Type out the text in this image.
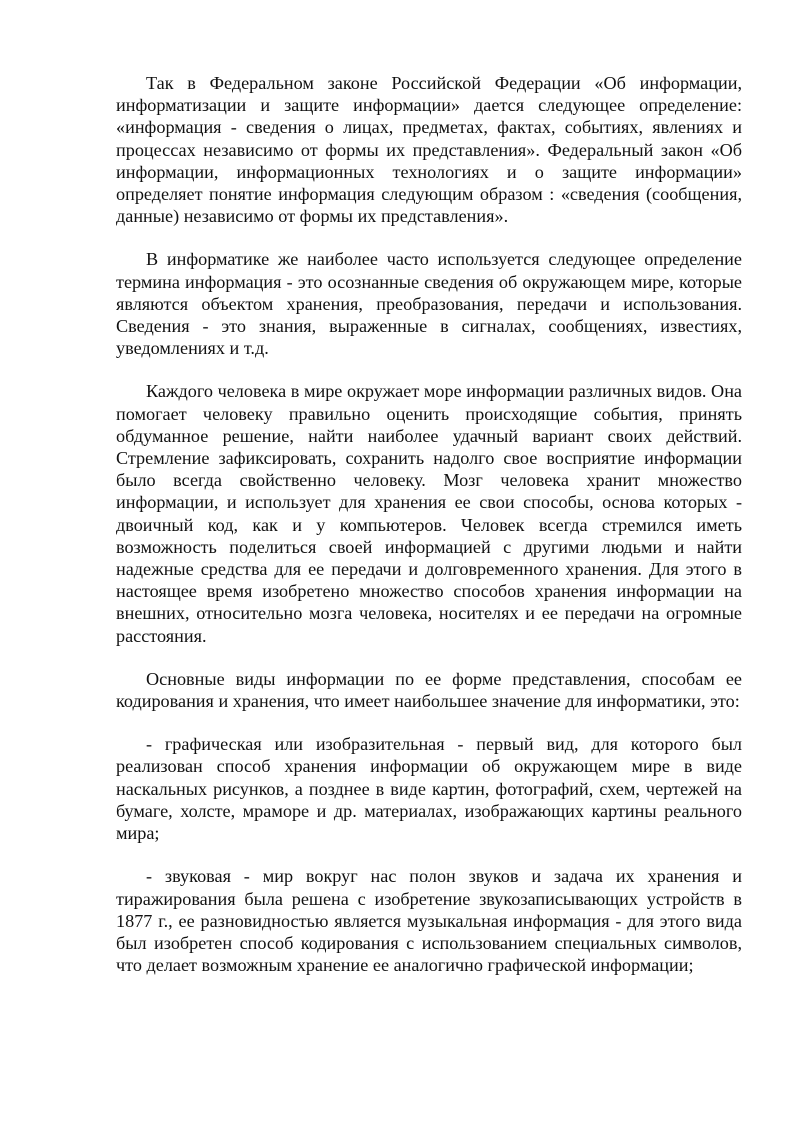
Так в Федеральном законе Российской Федерации «Об информации, информатизации и защите информации» дается следующее определение: «информация - сведения о лицах, предметах, фактах, событиях, явлениях и процессах независимо от формы их представления». Федеральный закон «Об информации, информационных технологиях и о защите информации» определяет понятие информация следующим образом : «сведения (сообщения, данные) независимо от формы их представления».

В информатике же наиболее часто используется следующее определение термина информация - это осознанные сведения об окружающем мире, которые являются объектом хранения, преобразования, передачи и использования. Сведения - это знания, выраженные в сигналах, сообщениях, известиях, уведомлениях и т.д.

Каждого человека в мире окружает море информации различных видов. Она помогает человеку правильно оценить происходящие события, принять обдуманное решение, найти наиболее удачный вариант своих действий. Стремление зафиксировать, сохранить надолго свое восприятие информации было всегда свойственно человеку. Мозг человека хранит множество информации, и использует для хранения ее свои способы, основа которых - двоичный код, как и у компьютеров. Человек всегда стремился иметь возможность поделиться своей информацией с другими людьми и найти надежные средства для ее передачи и долговременного хранения. Для этого в настоящее время изобретено множество способов хранения информации на внешних, относительно мозга человека, носителях и ее передачи на огромные расстояния.

Основные виды информации по ее форме представления, способам ее кодирования и хранения, что имеет наибольшее значение для информатики, это:

- графическая или изобразительная - первый вид, для которого был реализован способ хранения информации об окружающем мире в виде наскальных рисунков, а позднее в виде картин, фотографий, схем, чертежей на бумаге, холсте, мраморе и др. материалах, изображающих картины реального мира;

- звуковая - мир вокруг нас полон звуков и задача их хранения и тиражирования была решена с изобретение звукозаписывающих устройств в 1877 г., ее разновидностью является музыкальная информация - для этого вида был изобретен способ кодирования с использованием специальных символов, что делает возможным хранение ее аналогично графической информации;
